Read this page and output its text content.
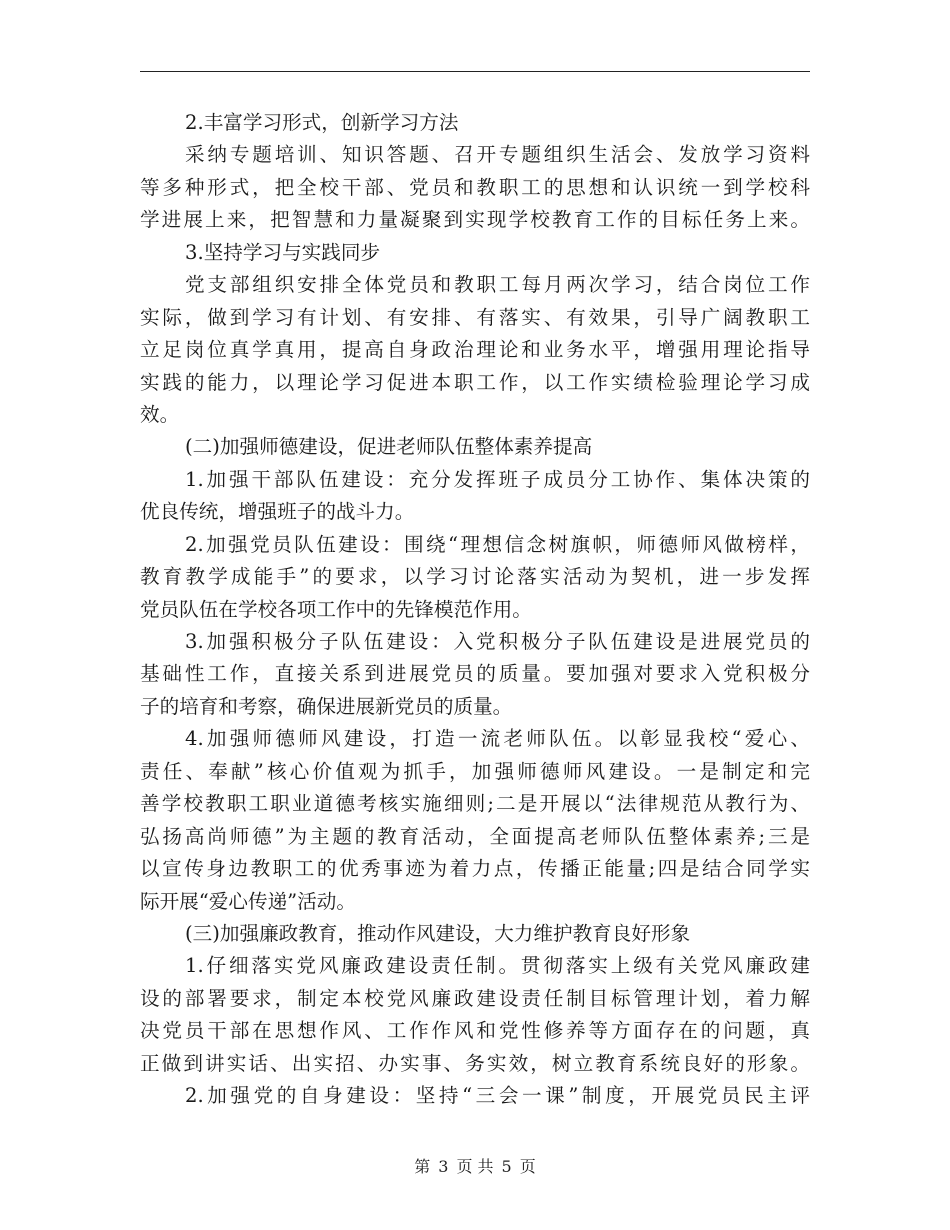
2.丰富学习形式，创新学习方法
采纳专题培训、知识答题、召开专题组织生活会、发放学习资料
等多种形式，把全校干部、党员和教职工的思想和认识统一到学校科
学进展上来，把智慧和力量凝聚到实现学校教育工作的目标任务上来。
3.坚持学习与实践同步
党支部组织安排全体党员和教职工每月两次学习，结合岗位工作
实际，做到学习有计划、有安排、有落实、有效果，引导广阔教职工
立足岗位真学真用，提高自身政治理论和业务水平，增强用理论指导
实践的能力，以理论学习促进本职工作，以工作实绩检验理论学习成
效。
(二)加强师德建设，促进老师队伍整体素养提高
1.加强干部队伍建设：充分发挥班子成员分工协作、集体决策的
优良传统，增强班子的战斗力。
2.加强党员队伍建设：围绕“理想信念树旗帜，师德师风做榜样，
教育教学成能手”的要求，以学习讨论落实活动为契机，进一步发挥
党员队伍在学校各项工作中的先锋模范作用。
3.加强积极分子队伍建设：入党积极分子队伍建设是进展党员的
基础性工作，直接关系到进展党员的质量。要加强对要求入党积极分
子的培育和考察，确保进展新党员的质量。
4.加强师德师风建设，打造一流老师队伍。以彰显我校“爱心、
责任、奉献”核心价值观为抓手，加强师德师风建设。一是制定和完
善学校教职工职业道德考核实施细则;二是开展以“法律规范从教行为、
弘扬高尚师德”为主题的教育活动，全面提高老师队伍整体素养;三是
以宣传身边教职工的优秀事迹为着力点，传播正能量;四是结合同学实
际开展“爱心传递”活动。
(三)加强廉政教育，推动作风建设，大力维护教育良好形象
1.仔细落实党风廉政建设责任制。贯彻落实上级有关党风廉政建
设的部署要求，制定本校党风廉政建设责任制目标管理计划，着力解
决党员干部在思想作风、工作作风和党性修养等方面存在的问题，真
正做到讲实话、出实招、办实事、务实效，树立教育系统良好的形象。
2.加强党的自身建设：坚持“三会一课”制度，开展党员民主评
第 3 页 共 5 页
